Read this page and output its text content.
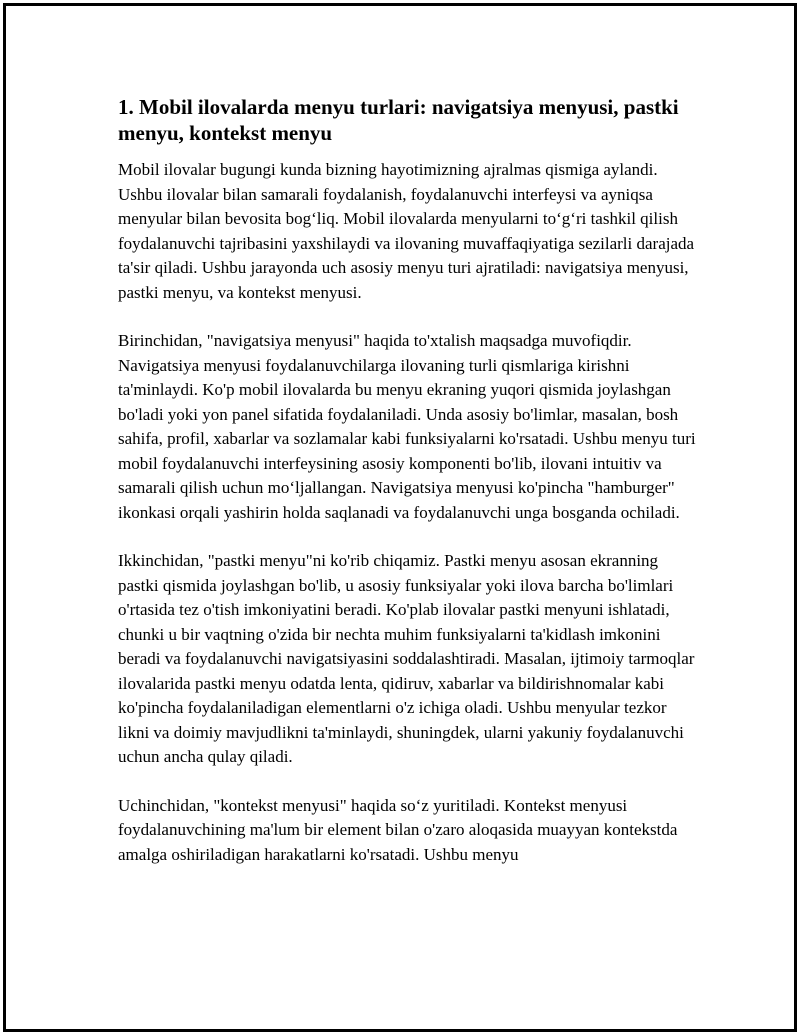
1. Mobil ilovalarda menyu turlari: navigatsiya menyusi, pastki menyu, kontekst menyu

Mobil ilovalar bugungi kunda bizning hayotimizning ajralmas qismiga aylandi. Ushbu ilovalar bilan samarali foydalanish, foydalanuvchi interfeysi va ayniqsa menyular bilan bevosita bog‘liq. Mobil ilovalarda menyularni to‘g‘ri tashkil qilish foydalanuvchi tajribasini yaxshilaydi va ilovaning muvaffaqiyatiga sezilarli darajada ta'sir qiladi. Ushbu jarayonda uch asosiy menyu turi ajratiladi: navigatsiya menyusi, pastki menyu, va kontekst menyusi.

Birinchidan, "navigatsiya menyusi" haqida to'xtalish maqsadga muvofiqdir. Navigatsiya menyusi foydalanuvchilarga ilovaning turli qismlariga kirishni ta'minlaydi. Ko'p mobil ilovalarda bu menyu ekraning yuqori qismida joylashgan bo'ladi yoki yon panel sifatida foydalaniladi. Unda asosiy bo'limlar, masalan, bosh sahifa, profil, xabarlar va sozlamalar kabi funksiyalarni ko'rsatadi. Ushbu menyu turi mobil foydalanuvchi interfeysining asosiy komponenti bo'lib, ilovani intuitiv va samarali qilish uchun mo‘ljallangan. Navigatsiya menyusi ko'pincha "hamburger" ikonkasi orqali yashirin holda saqlanadi va foydalanuvchi unga bosganda ochiladi.

Ikkinchidan, "pastki menyu"ni ko'rib chiqamiz. Pastki menyu asosan ekranning pastki qismida joylashgan bo'lib, u asosiy funksiyalar yoki ilova barcha bo'limlari o'rtasida tez o'tish imkoniyatini beradi. Ko'plab ilovalar pastki menyuni ishlatadi, chunki u bir vaqtning o'zida bir nechta muhim funksiyalarni ta'kidlash imkonini beradi va foydalanuvchi navigatsiyasini soddalashtiradi. Masalan, ijtimoiy tarmoqlar ilovalarida pastki menyu odatda lenta, qidiruv, xabarlar va bildirishnomalar kabi ko'pincha foydalaniladigan elementlarni o'z ichiga oladi. Ushbu menyular tezkor likni va doimiy mavjudlikni ta'minlaydi, shuningdek, ularni yakuniy foydalanuvchi uchun ancha qulay qiladi.

Uchinchidan, "kontekst menyusi" haqida so‘z yuritiladi. Kontekst menyusi foydalanuvchining ma'lum bir element bilan o'zaro aloqasida muayyan kontekstda amalga oshiriladigan harakatlarni ko'rsatadi. Ushbu menyu
